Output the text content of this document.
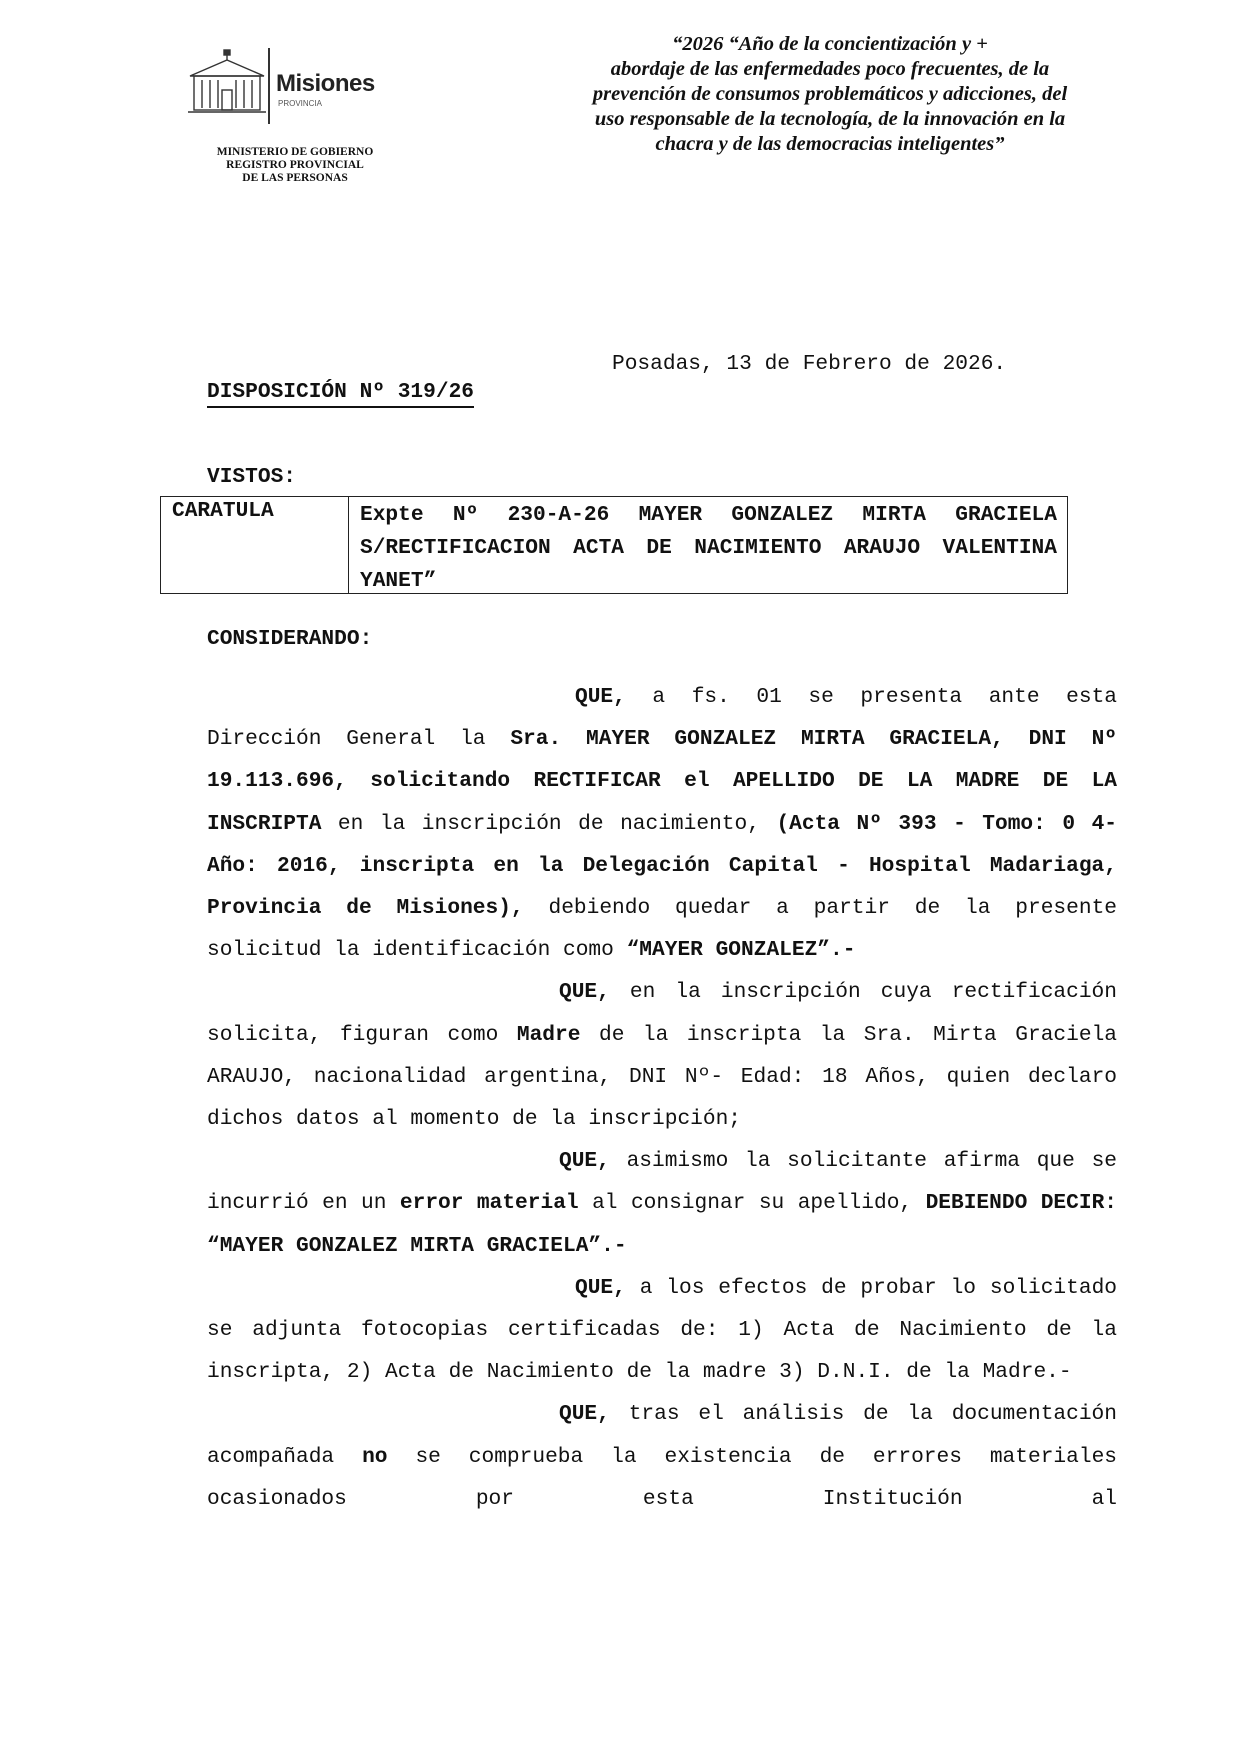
Misiones
PROVINCIA
MINISTERIO DE GOBIERNO
REGISTRO PROVINCIAL
DE LAS PERSONAS
“2026 “Año de la concientización y +
abordaje de las enfermedades poco frecuentes, de la
prevención de consumos problemáticos y adicciones, del
uso responsable de la tecnología, de la innovación en la
chacra y de las democracias inteligentes”
Posadas, 13 de Febrero de 2026.
DISPOSICIÓN Nº 319/26
VISTOS:
CARATULA	Expte Nº 230-A-26 MAYER GONZALEZ MIRTA GRACIELA S/RECTIFICACION ACTA DE NACIMIENTO ARAUJO VALENTINA YANET”
CONSIDERANDO:
QUE, a fs. 01 se presenta ante esta Dirección General la Sra. MAYER GONZALEZ MIRTA GRACIELA, DNI Nº 19.113.696, solicitando RECTIFICAR el APELLIDO DE LA MADRE DE LA INSCRIPTA en la inscripción de nacimiento, (Acta Nº 393 - Tomo: 0 4- Año: 2016, inscripta en la Delegación Capital - Hospital Madariaga, Provincia de Misiones), debiendo quedar a partir de la presente solicitud la identificación como “MAYER GONZALEZ”.-
QUE, en la inscripción cuya rectificación solicita, figuran como Madre de la inscripta la Sra. Mirta Graciela ARAUJO, nacionalidad argentina, DNI Nº- Edad: 18 Años, quien declaro dichos datos al momento de la inscripción;
QUE, asimismo la solicitante afirma que se incurrió en un error material al consignar su apellido, DEBIENDO DECIR: “MAYER GONZALEZ MIRTA GRACIELA”.-
QUE, a los efectos de probar lo solicitado se adjunta fotocopias certificadas de: 1) Acta de Nacimiento de la inscripta, 2) Acta de Nacimiento de la madre 3) D.N.I. de la Madre.-
QUE, tras el análisis de la documentación acompañada no se comprueba la existencia de errores materiales ocasionados por esta Institución al
